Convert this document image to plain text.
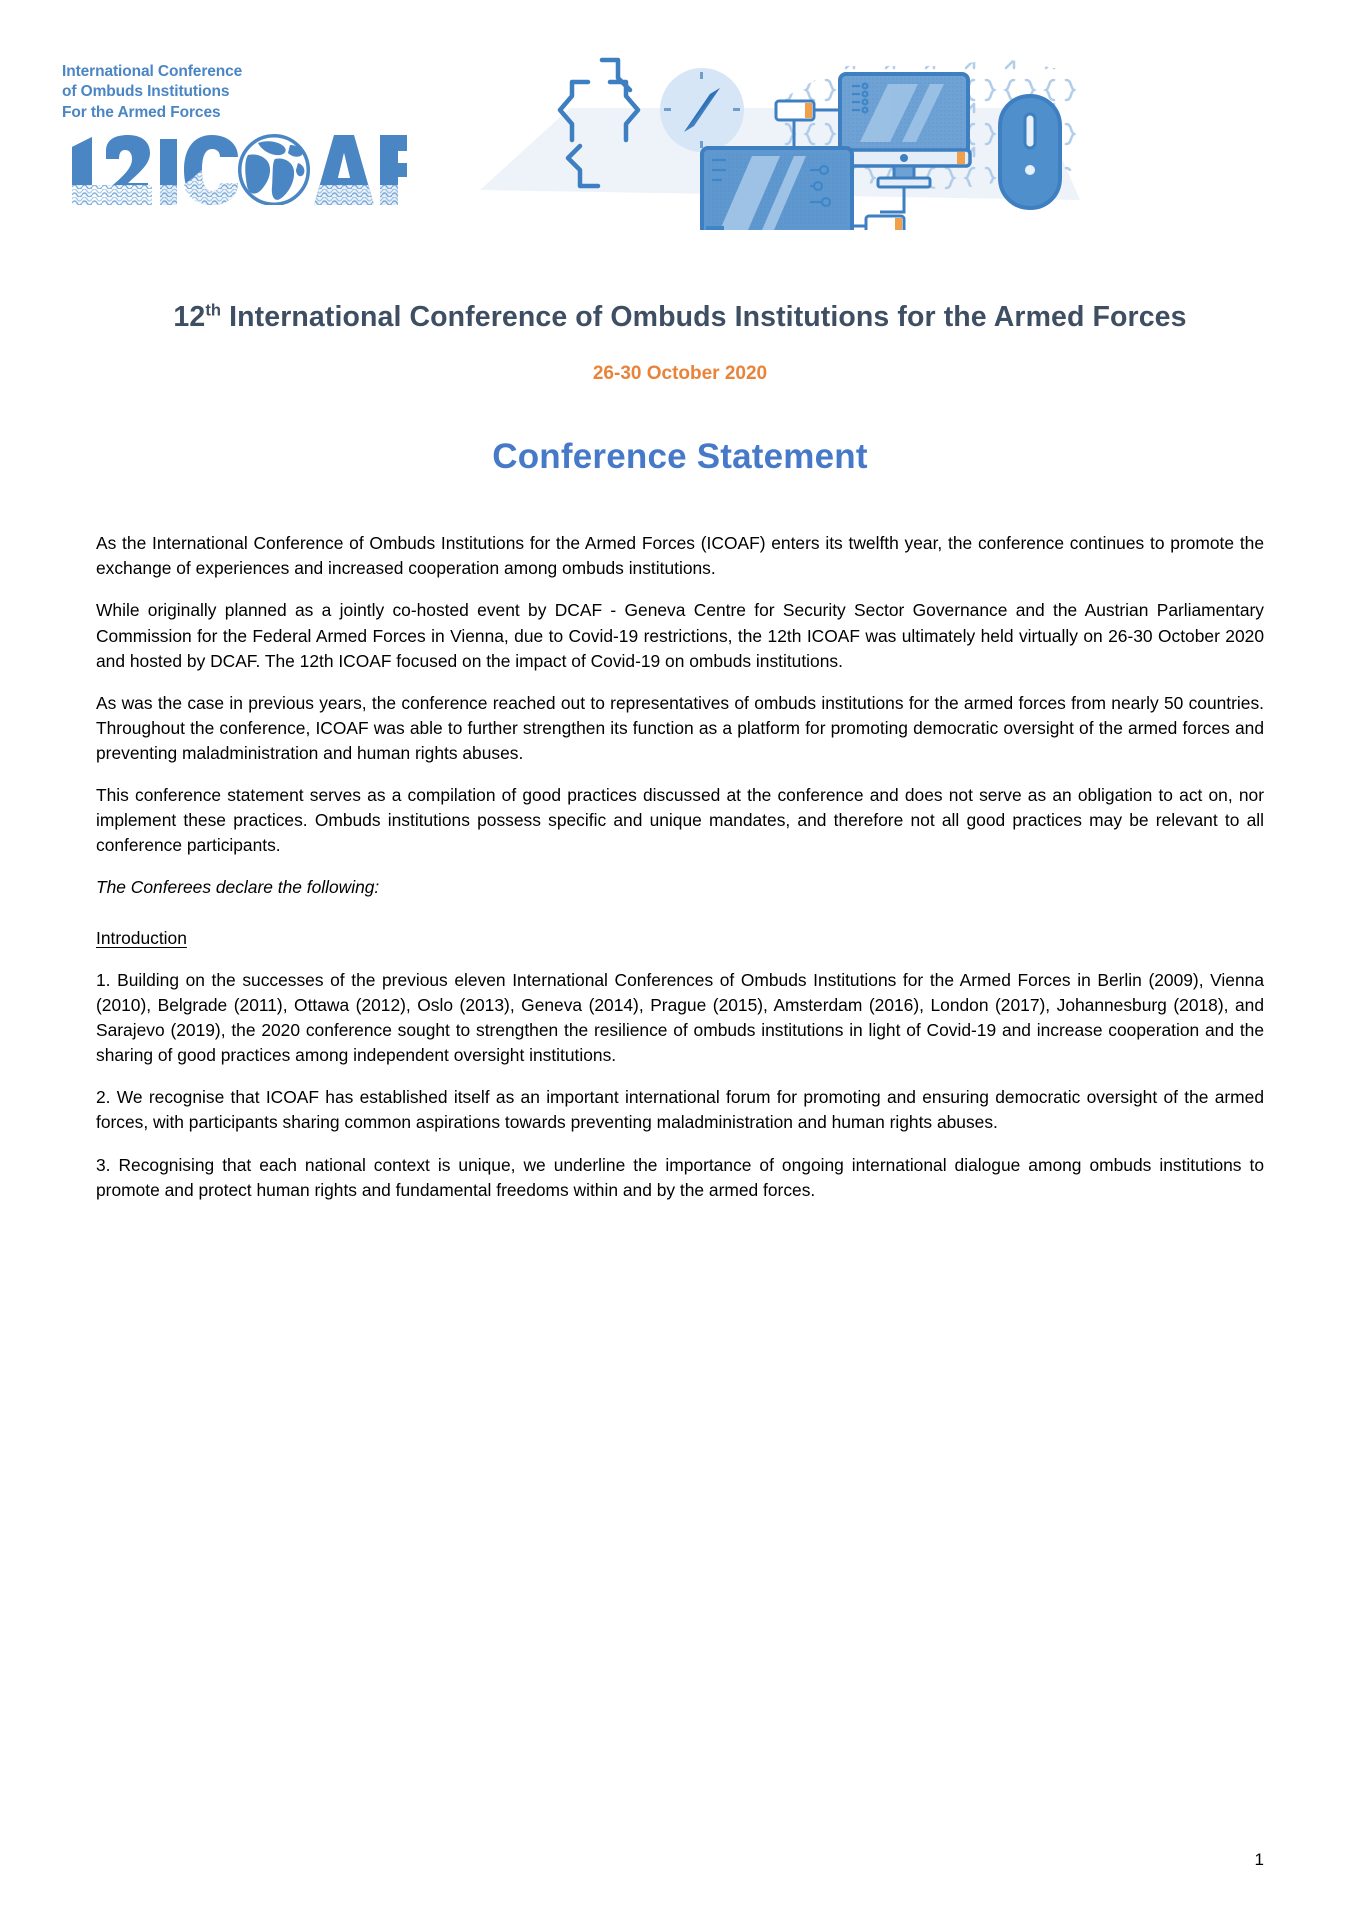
International Conference
of Ombuds Institutions
For the Armed Forces
12th International Conference of Ombuds Institutions for the Armed Forces
26-30 October 2020
Conference Statement

As the International Conference of Ombuds Institutions for the Armed Forces (ICOAF) enters its twelfth year, the conference continues to promote the exchange of experiences and increased cooperation among ombuds institutions.

While originally planned as a jointly co-hosted event by DCAF - Geneva Centre for Security Sector Governance and the Austrian Parliamentary Commission for the Federal Armed Forces in Vienna, due to Covid-19 restrictions, the 12th ICOAF was ultimately held virtually on 26-30 October 2020 and hosted by DCAF. The 12th ICOAF focused on the impact of Covid-19 on ombuds institutions.

As was the case in previous years, the conference reached out to representatives of ombuds institutions for the armed forces from nearly 50 countries. Throughout the conference, ICOAF was able to further strengthen its function as a platform for promoting democratic oversight of the armed forces and preventing maladministration and human rights abuses.

This conference statement serves as a compilation of good practices discussed at the conference and does not serve as an obligation to act on, nor implement these practices. Ombuds institutions possess specific and unique mandates, and therefore not all good practices may be relevant to all conference participants.

The Conferees declare the following:

Introduction

1. Building on the successes of the previous eleven International Conferences of Ombuds Institutions for the Armed Forces in Berlin (2009), Vienna (2010), Belgrade (2011), Ottawa (2012), Oslo (2013), Geneva (2014), Prague (2015), Amsterdam (2016), London (2017), Johannesburg (2018), and Sarajevo (2019), the 2020 conference sought to strengthen the resilience of ombuds institutions in light of Covid-19 and increase cooperation and the sharing of good practices among independent oversight institutions.

2. We recognise that ICOAF has established itself as an important international forum for promoting and ensuring democratic oversight of the armed forces, with participants sharing common aspirations towards preventing maladministration and human rights abuses.

3. Recognising that each national context is unique, we underline the importance of ongoing international dialogue among ombuds institutions to promote and protect human rights and fundamental freedoms within and by the armed forces.

1
